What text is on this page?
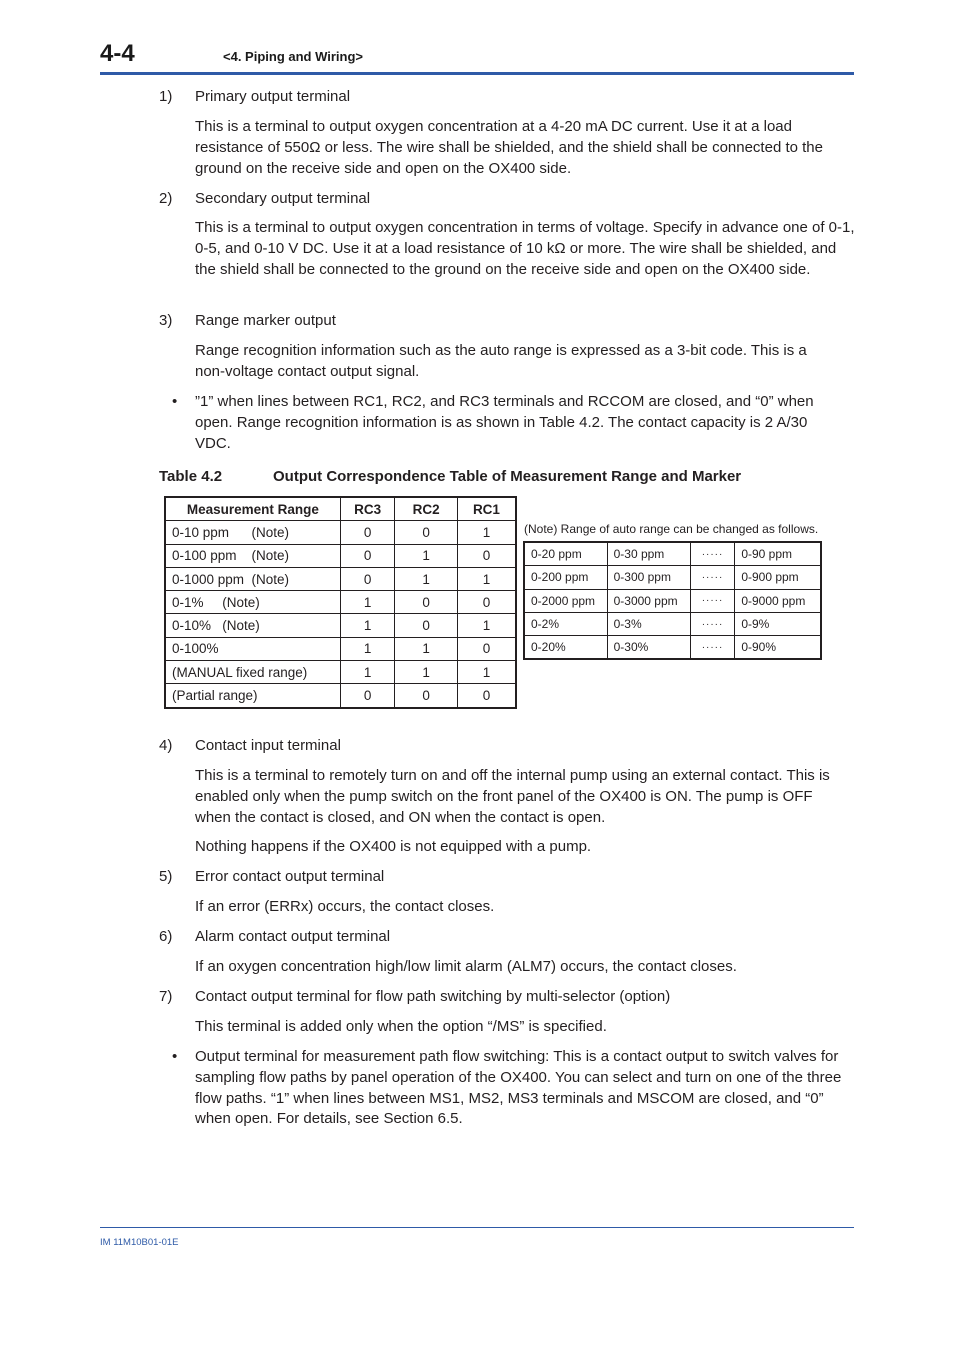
4-4	<4. Piping and Wiring>
1)	Primary output terminal
This is a terminal to output oxygen concentration at a 4-20 mA DC current. Use it at a load resistance of 550Ω or less. The wire shall be shielded, and the shield shall be connected to the ground on the receive side and open on the OX400 side.
2)	Secondary output terminal
This is a terminal to output oxygen concentration in terms of voltage. Specify in advance one of 0-1, 0-5, and 0-10 V DC. Use it at a load resistance of 10 kΩ or more. The wire shall be shielded, and the shield shall be connected to the ground on the receive side and open on the OX400 side.
3)	Range marker output
Range recognition information such as the auto range is expressed as a 3-bit code. This is a non-voltage contact output signal.
•	”1” when lines between RC1, RC2, and RC3 terminals and RCCOM are closed, and “0” when open. Range recognition information is as shown in Table 4.2. The contact capacity is 2 A/30 VDC.
Table 4.2	Output Correspondence Table of Measurement Range and Marker
Measurement Range	RC3	RC2	RC1
0-10 ppm      (Note)	0	0	1
0-100 ppm    (Note)	0	1	0
0-1000 ppm  (Note)	0	1	1
0-1%     (Note)	1	0	0
0-10%   (Note)	1	0	1
0-100%	1	1	0
(MANUAL fixed range)	1	1	1
(Partial range)	0	0	0
(Note) Range of auto range can be changed as follows.
0-20 ppm	0-30 ppm	·····	0-90 ppm
0-200 ppm	0-300 ppm	·····	0-900 ppm
0-2000 ppm	0-3000 ppm	·····	0-9000 ppm
0-2%	0-3%	·····	0-9%
0-20%	0-30%	·····	0-90%
4)	Contact input terminal
This is a terminal to remotely turn on and off the internal pump using an external contact. This is enabled only when the pump switch on the front panel of the OX400 is ON. The pump is OFF when the contact is closed, and ON when the contact is open.
Nothing happens if the OX400 is not equipped with a pump.
5)	Error contact output terminal
If an error (ERRx) occurs, the contact closes.
6)	Alarm contact output terminal
If an oxygen concentration high/low limit alarm (ALM7) occurs, the contact closes.
7)	Contact output terminal for flow path switching by multi-selector (option)
This terminal is added only when the option “/MS” is specified.
•	Output terminal for measurement path flow switching: This is a contact output to switch valves for sampling flow paths by panel operation of the OX400. You can select and turn on one of the three flow paths. “1” when lines between MS1, MS2, MS3 terminals and MSCOM are closed, and “0” when open. For details, see Section 6.5.
IM 11M10B01-01E
